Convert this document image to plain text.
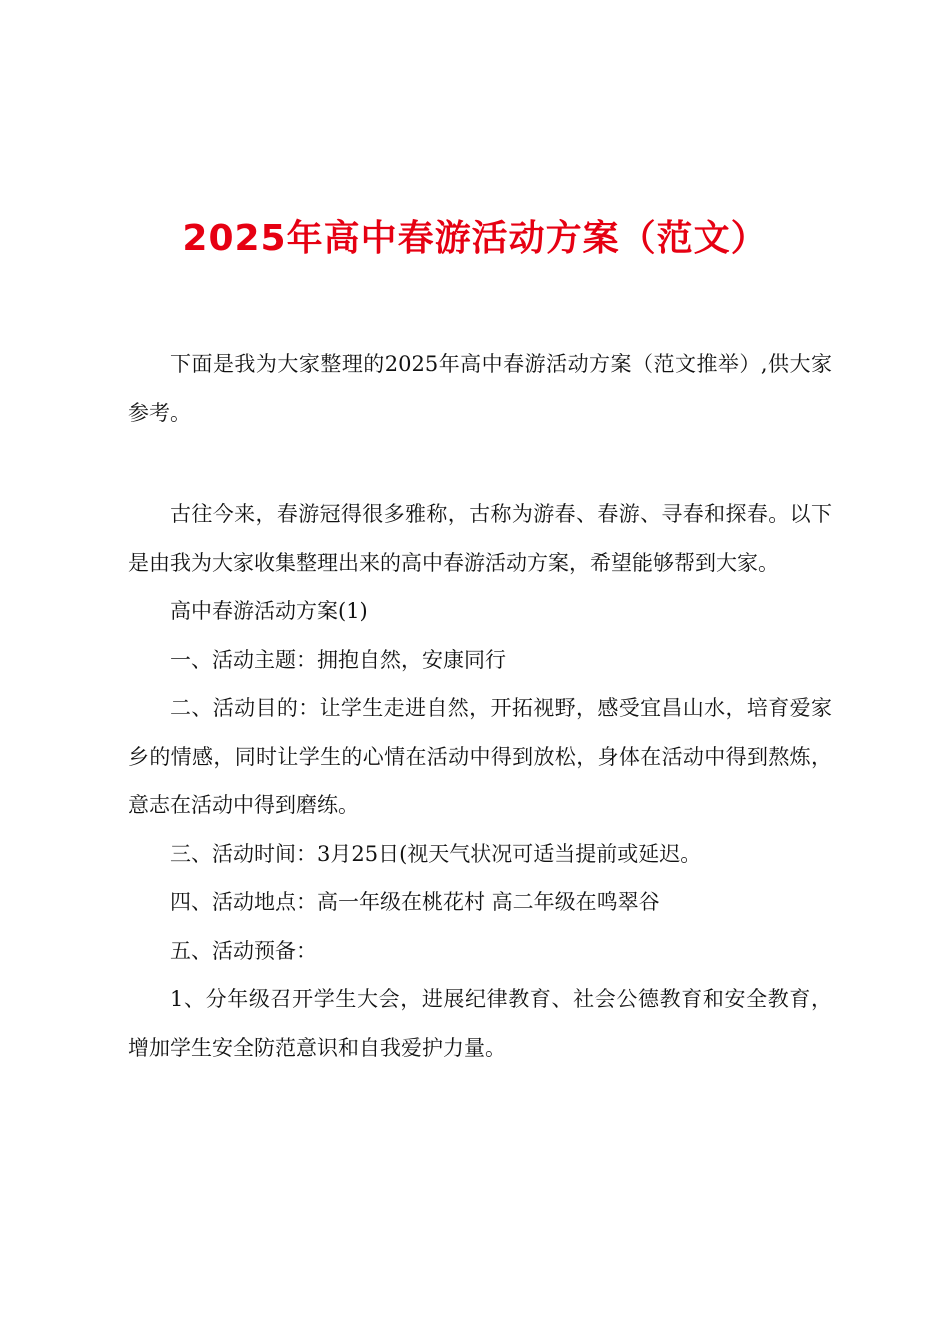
2025年高中春游活动方案（范文）

下面是我为大家整理的2025年高中春游活动方案（范文推举）,供大家参考。

古往今来，春游冠得很多雅称，古称为游春、春游、寻春和探春。以下是由我为大家收集整理出来的高中春游活动方案，希望能够帮到大家。

高中春游活动方案(1)

一、活动主题：拥抱自然，安康同行

二、活动目的：让学生走进自然，开拓视野，感受宜昌山水，培育爱家乡的情感，同时让学生的心情在活动中得到放松，身体在活动中得到熬炼，意志在活动中得到磨练。

三、活动时间：3月25日(视天气状况可适当提前或延迟。

四、活动地点：高一年级在桃花村 高二年级在鸣翠谷

五、活动预备：

1、分年级召开学生大会，进展纪律教育、社会公德教育和安全教育，增加学生安全防范意识和自我爱护力量。
